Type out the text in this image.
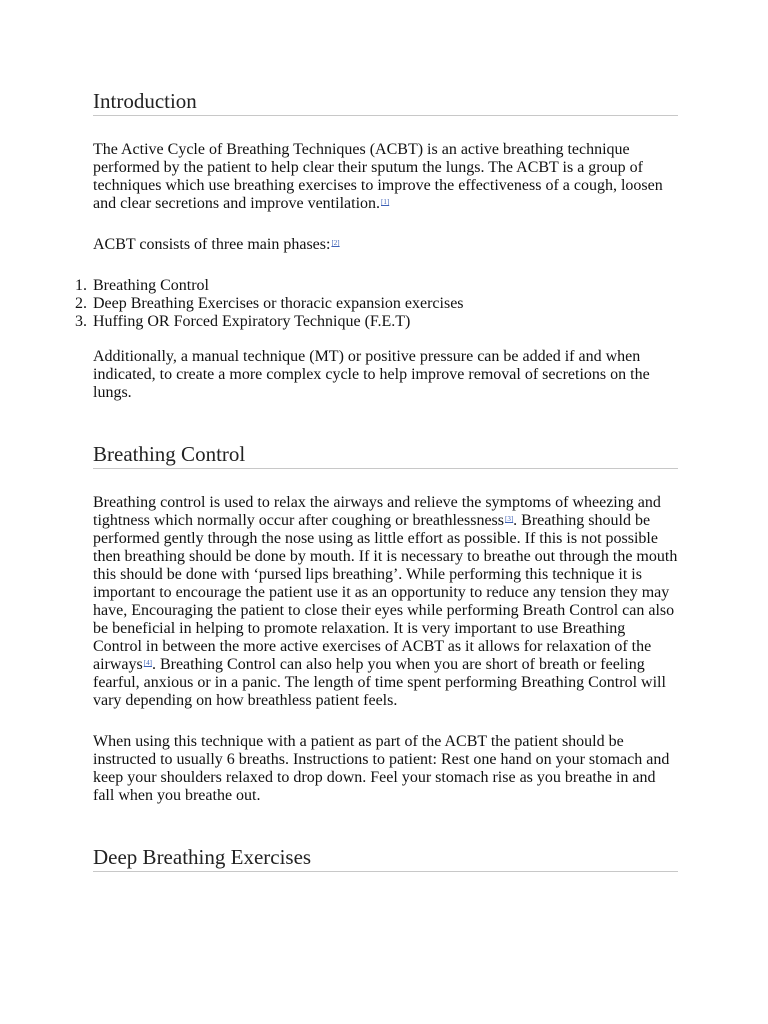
Introduction

The Active Cycle of Breathing Techniques (ACBT) is an active breathing technique performed by the patient to help clear their sputum the lungs. The ACBT is a group of techniques which use breathing exercises to improve the effectiveness of a cough, loosen and clear secretions and improve ventilation.[1]

ACBT consists of three main phases:[2]

1. Breathing Control
2. Deep Breathing Exercises or thoracic expansion exercises
3. Huffing OR Forced Expiratory Technique (F.E.T)

Additionally, a manual technique (MT) or positive pressure can be added if and when indicated, to create a more complex cycle to help improve removal of secretions on the lungs.

Breathing Control

Breathing control is used to relax the airways and relieve the symptoms of wheezing and tightness which normally occur after coughing or breathlessness[3]. Breathing should be performed gently through the nose using as little effort as possible. If this is not possible then breathing should be done by mouth. If it is necessary to breathe out through the mouth this should be done with ‘pursed lips breathing’. While performing this technique it is important to encourage the patient use it as an opportunity to reduce any tension they may have, Encouraging the patient to close their eyes while performing Breath Control can also be beneficial in helping to promote relaxation. It is very important to use Breathing Control in between the more active exercises of ACBT as it allows for relaxation of the airways[4]. Breathing Control can also help you when you are short of breath or feeling fearful, anxious or in a panic. The length of time spent performing Breathing Control will vary depending on how breathless patient feels.

When using this technique with a patient as part of the ACBT the patient should be instructed to usually 6 breaths. Instructions to patient: Rest one hand on your stomach and keep your shoulders relaxed to drop down. Feel your stomach rise as you breathe in and fall when you breathe out.

Deep Breathing Exercises
